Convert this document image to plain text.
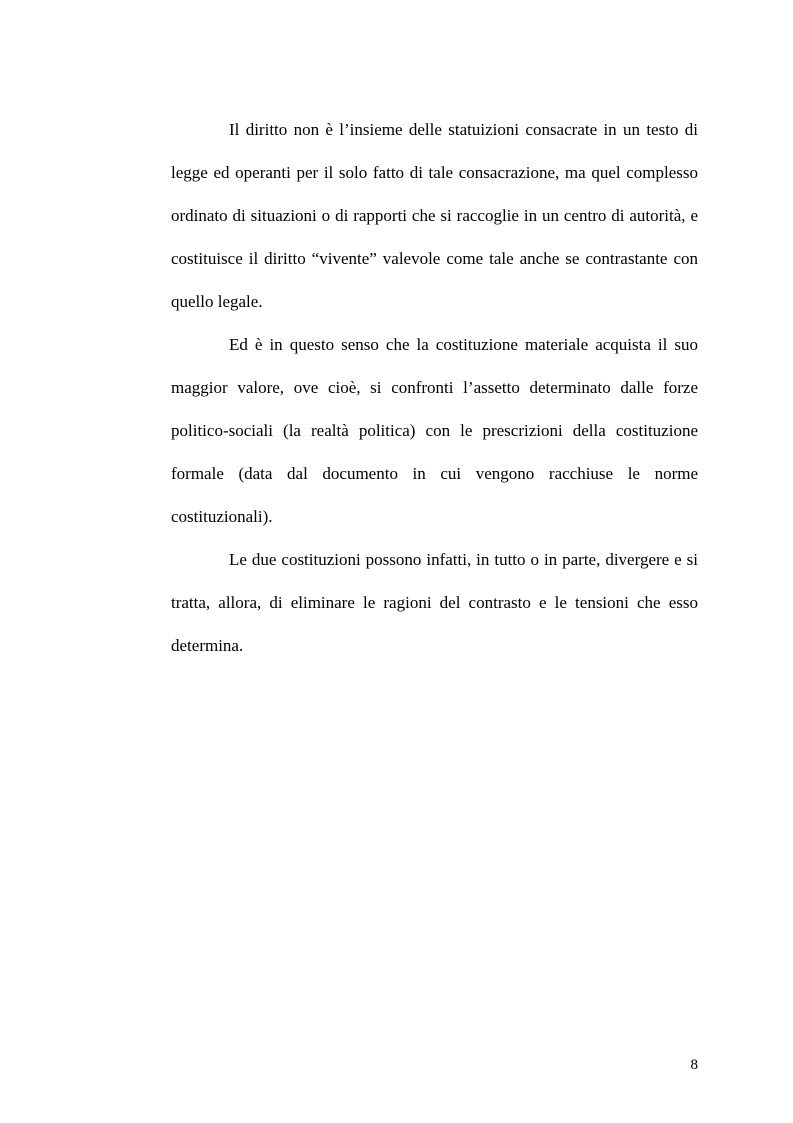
Il diritto non è l’insieme delle statuizioni consacrate in un testo di legge ed operanti per il solo fatto di tale consacrazione, ma quel complesso ordinato di situazioni o di rapporti che si raccoglie in un centro di autorità, e costituisce il diritto “vivente” valevole come tale anche se contrastante con quello legale.

Ed è in questo senso che la costituzione materiale acquista il suo maggior valore, ove cioè, si confronti l’assetto determinato dalle forze politico-sociali (la realtà politica) con le prescrizioni della costituzione formale (data dal documento in cui vengono racchiuse le norme costituzionali).

Le due costituzioni possono infatti, in tutto o in parte, divergere e si tratta, allora, di eliminare le ragioni del contrasto e le tensioni che esso determina.

8
